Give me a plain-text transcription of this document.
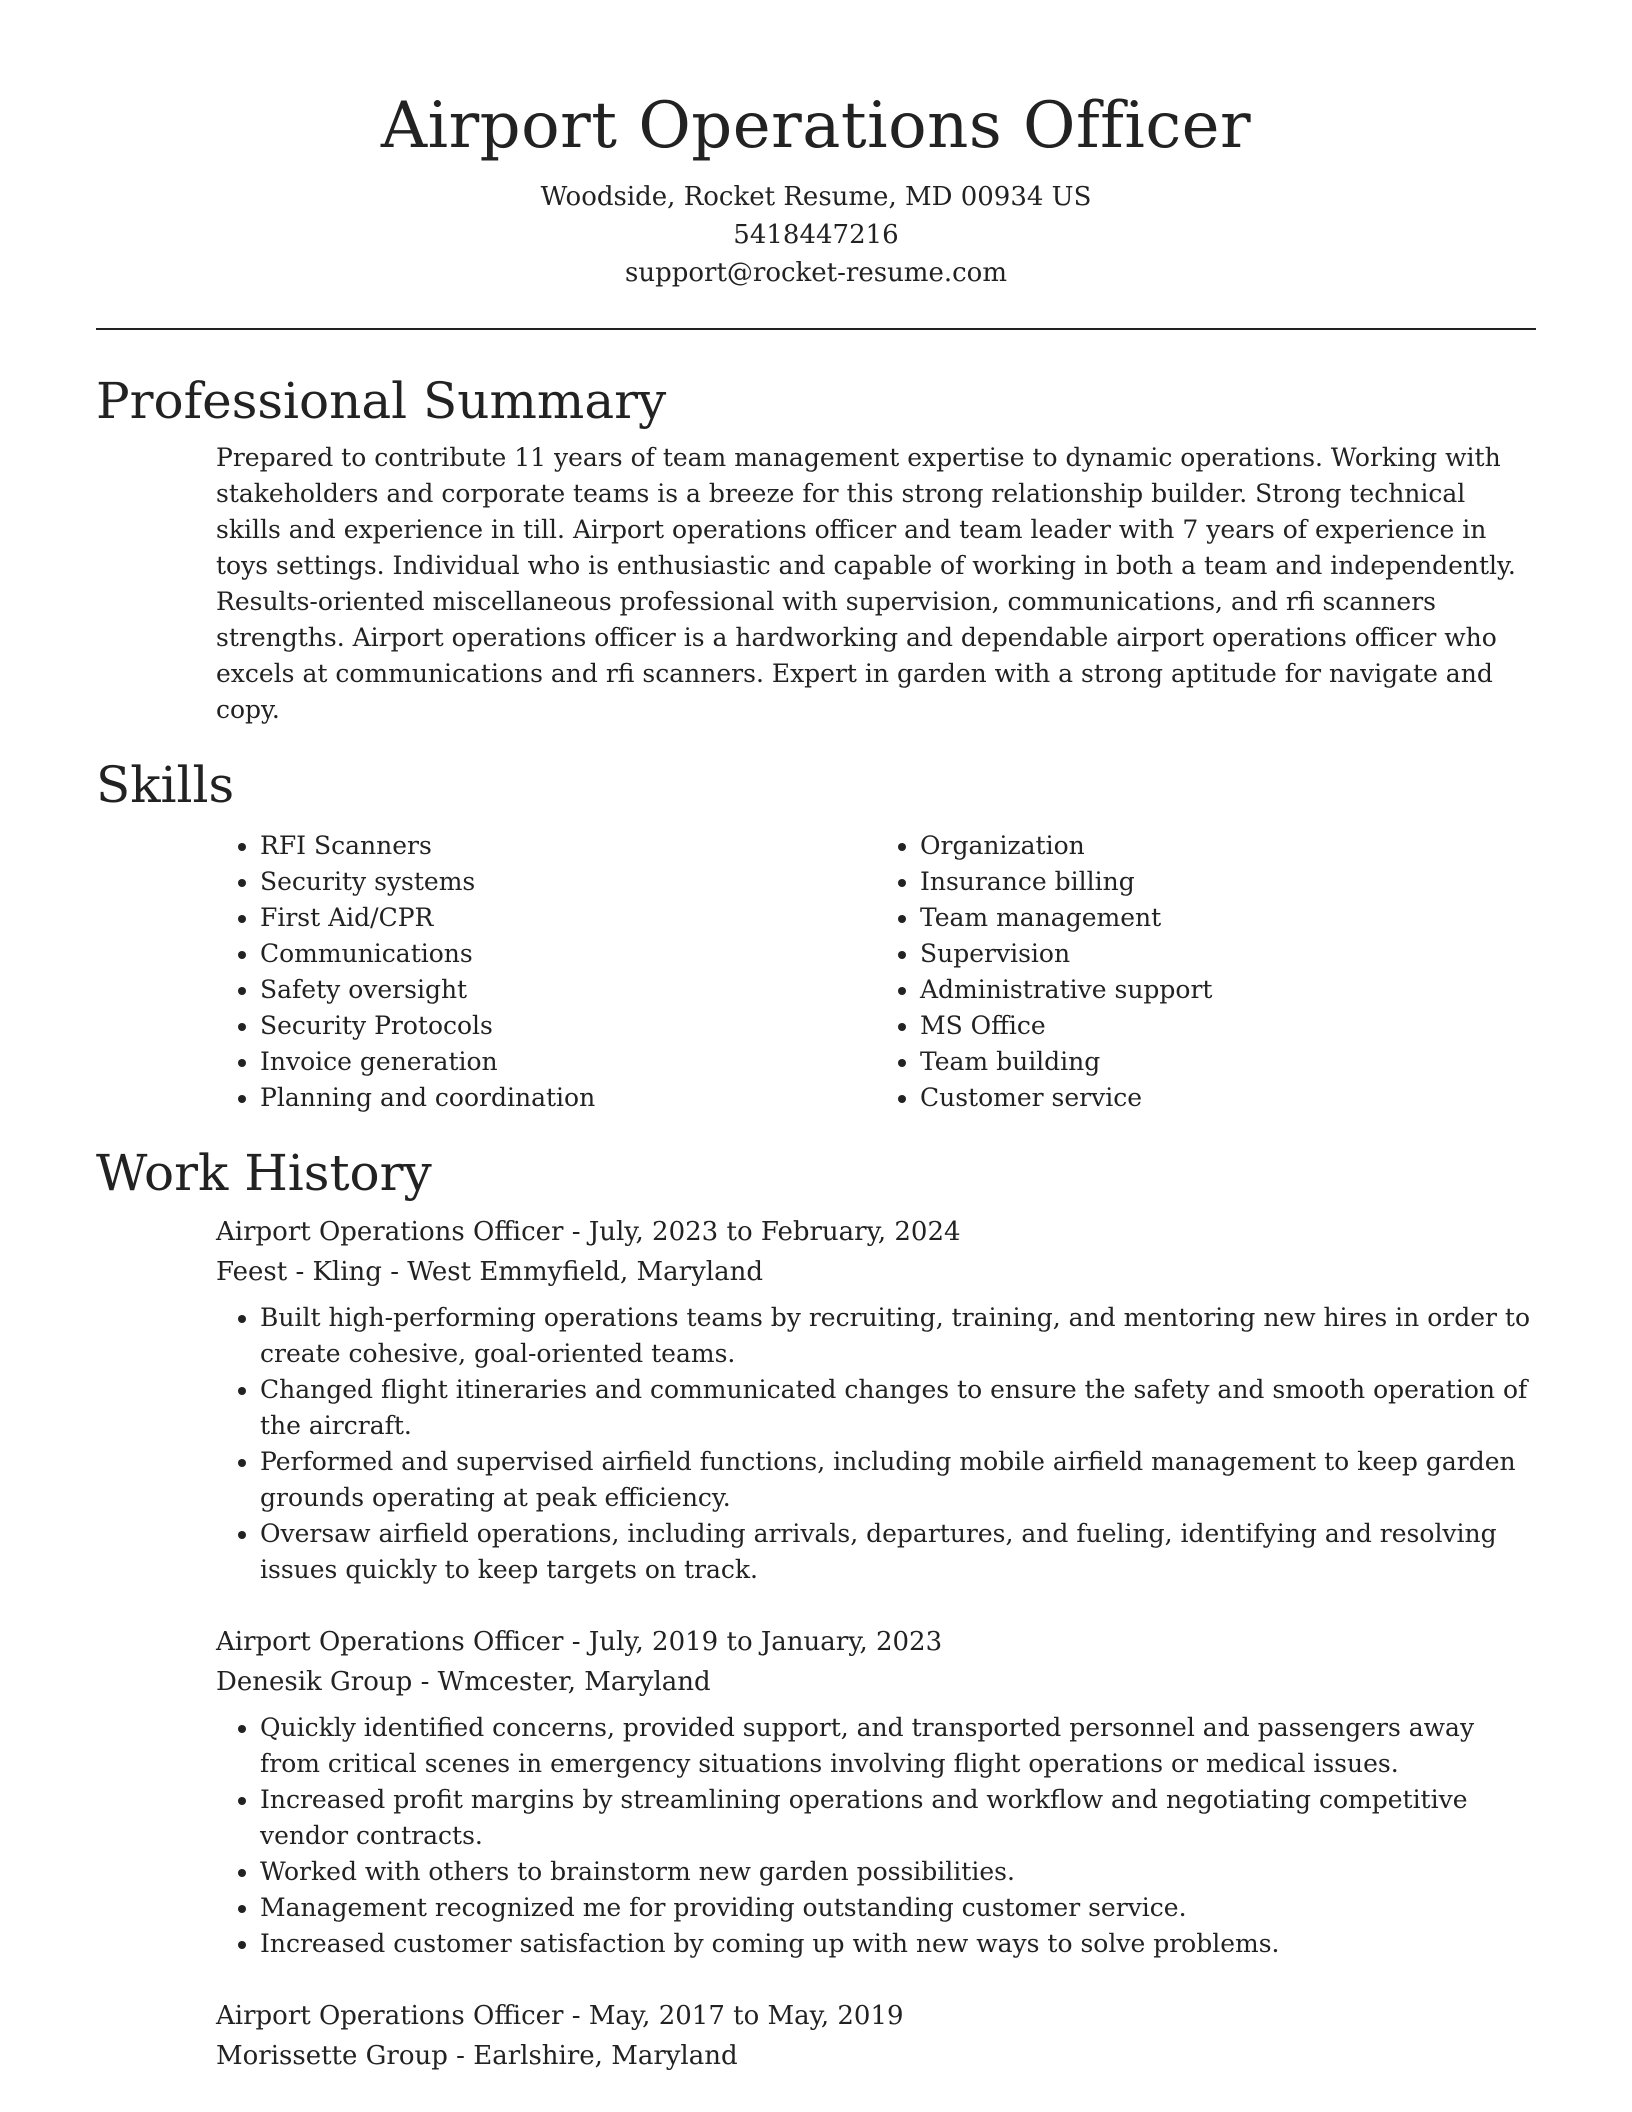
Airport Operations Officer
Woodside, Rocket Resume, MD 00934 US
5418447216
support@rocket-resume.com
Professional Summary

Prepared to contribute 11 years of team management expertise to dynamic operations. Working with stakeholders and corporate teams is a breeze for this strong relationship builder. Strong technical skills and experience in till. Airport operations officer and team leader with 7 years of experience in toys settings. Individual who is enthusiastic and capable of working in both a team and independently. Results-oriented miscellaneous professional with supervision, communications, and rfi scanners strengths. Airport operations officer is a hardworking and dependable airport operations officer who excels at communications and rfi scanners. Expert in garden with a strong aptitude for navigate and copy.

Skills
• RFI Scanners
• Security systems
• First Aid/CPR
• Communications
• Safety oversight
• Security Protocols
• Invoice generation
• Planning and coordination
• Organization
• Insurance billing
• Team management
• Supervision
• Administrative support
• MS Office
• Team building
• Customer service
Work History
Airport Operations Officer - July, 2023 to February, 2024
Feest - Kling - West Emmyfield, Maryland
• Built high-performing operations teams by recruiting, training, and mentoring new hires in order to create cohesive, goal-oriented teams.
• Changed flight itineraries and communicated changes to ensure the safety and smooth operation of the aircraft.
• Performed and supervised airfield functions, including mobile airfield management to keep garden grounds operating at peak efficiency.
• Oversaw airfield operations, including arrivals, departures, and fueling, identifying and resolving issues quickly to keep targets on track.
Airport Operations Officer - July, 2019 to January, 2023
Denesik Group - Wmcester, Maryland
• Quickly identified concerns, provided support, and transported personnel and passengers away from critical scenes in emergency situations involving flight operations or medical issues.
• Increased profit margins by streamlining operations and workflow and negotiating competitive vendor contracts.
• Worked with others to brainstorm new garden possibilities.
• Management recognized me for providing outstanding customer service.
• Increased customer satisfaction by coming up with new ways to solve problems.
Airport Operations Officer - May, 2017 to May, 2019
Morissette Group - Earlshire, Maryland
